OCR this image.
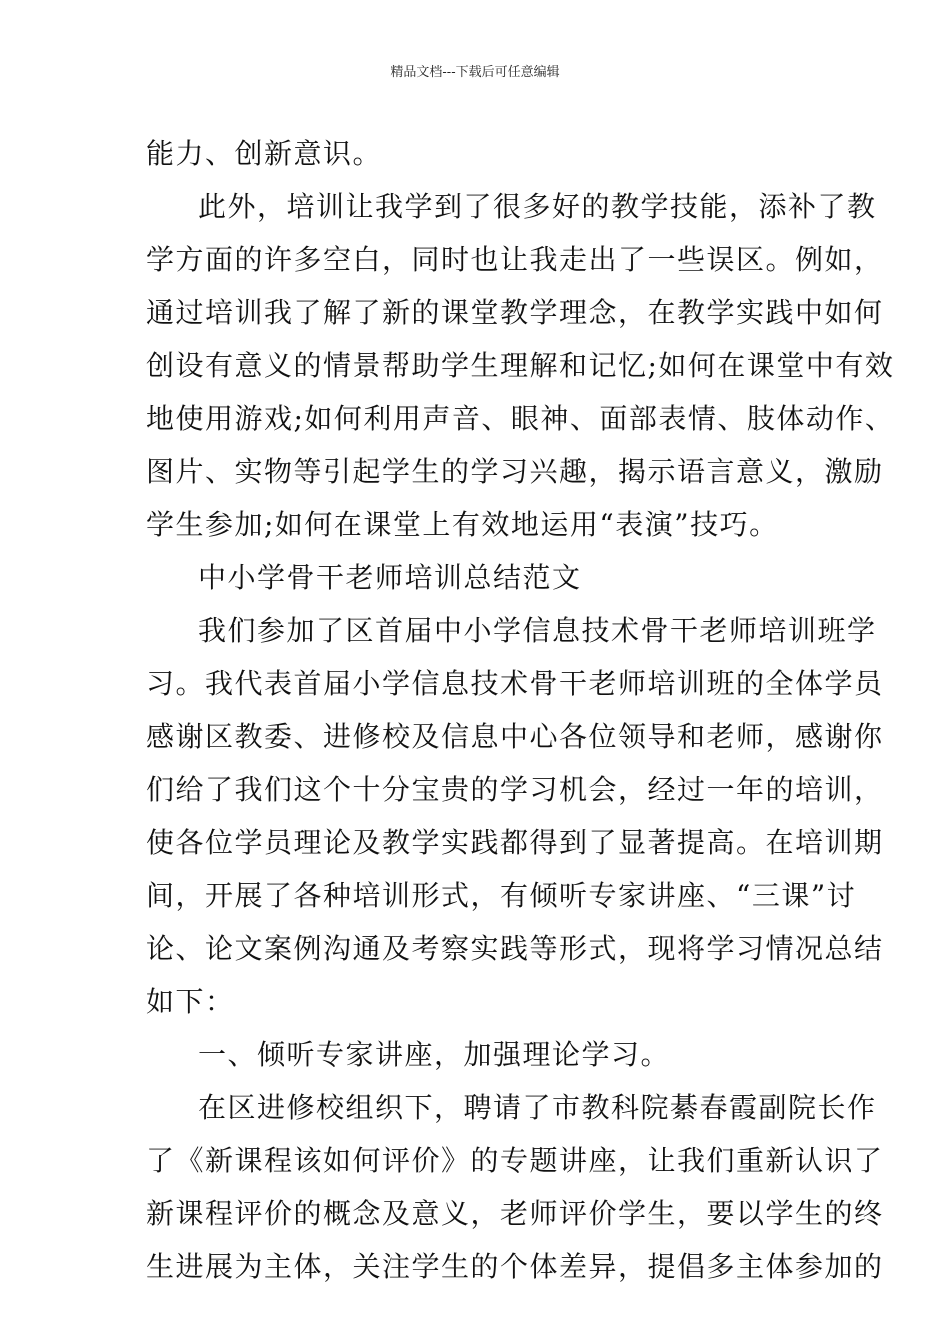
精品文档---下载后可任意编辑
能力、创新意识。
此外，培训让我学到了很多好的教学技能，添补了教
学方面的许多空白，同时也让我走出了一些误区。例如，
通过培训我了解了新的课堂教学理念，在教学实践中如何
创设有意义的情景帮助学生理解和记忆;如何在课堂中有效
地使用游戏;如何利用声音、眼神、面部表情、肢体动作、
图片、实物等引起学生的学习兴趣，揭示语言意义，激励
学生参加;如何在课堂上有效地运用“表演”技巧。
中小学骨干老师培训总结范文
我们参加了区首届中小学信息技术骨干老师培训班学
习。我代表首届小学信息技术骨干老师培训班的全体学员
感谢区教委、进修校及信息中心各位领导和老师，感谢你
们给了我们这个十分宝贵的学习机会，经过一年的培训，
使各位学员理论及教学实践都得到了显著提高。在培训期
间，开展了各种培训形式，有倾听专家讲座、“三课”讨
论、论文案例沟通及考察实践等形式，现将学习情况总结
如下：
一、倾听专家讲座，加强理论学习。
在区进修校组织下，聘请了市教科院綦春霞副院长作
了《新课程该如何评价》的专题讲座，让我们重新认识了
新课程评价的概念及意义，老师评价学生，要以学生的终
生进展为主体，关注学生的个体差异，提倡多主体参加的
